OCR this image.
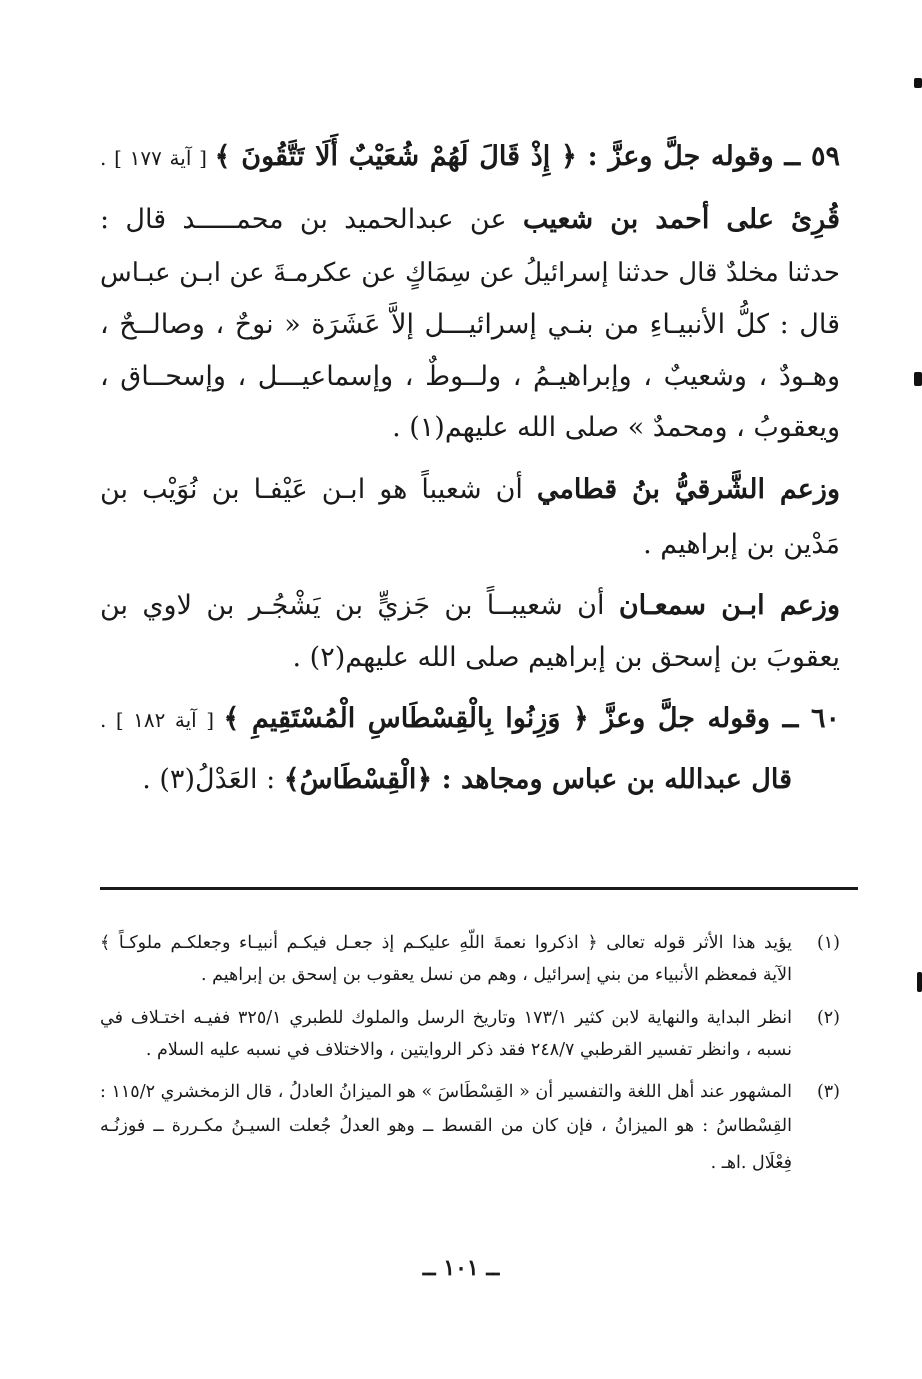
٥٩ ــ وقوله جلَّ وعزَّ : ﴿ إِذْ قَالَ لَهُمْ شُعَيْبٌ أَلَا تَتَّقُونَ ﴾ [ آية ١٧٧ ] .
قُرِئ على أحمد بن شعيب عن عبدالحميد بن محمـــــد قال :
حدثنا مخلدٌ قال حدثنا إسرائيلُ عن سِمَاكٍ عن عكرمـةَ عن ابـن عبـاس
قال : كلُّ الأنبيـاءِ من بنـي إسرائيـــل إلاَّ عَشَرَة « نوحٌ ، وصالــحٌ ،
وهـودٌ ، وشعيبٌ ، وإبراهيـمُ ، ولــوطٌ ، وإسماعيـــل ، وإسحــاق ،
ويعقوبُ ، ومحمدٌ » صلى الله عليهم(١) .
وزعم الشَّرقيُّ بنُ قطامي أن شعيباً هو ابـن عَيْفـا بن نُوَيْب بن
مَدْين بن إبراهيم .
وزعم ابـن سمعـان أن شعيبــاً بن جَزيٍّ بن يَشْجُـر بن لاوي بن
يعقوبَ بن إسحق بن إبراهيم صلى الله عليهم(٢) .
٦٠ ــ وقوله جلَّ وعزَّ ﴿ وَزِنُوا بِالْقِسْطَاسِ الْمُسْتَقِيمِ ﴾ [ آية ١٨٢ ] .
قال عبدالله بن عباس ومجاهد : ﴿الْقِسْطَاسُ﴾ : العَدْلُ(٣) .
(١)
يؤيد هذا الأثر قوله تعالى ﴿ اذكروا نعمةَ اللّهِ عليكـم إذ جعـل فيكـم أنبيـاء وجعلكـم ملوكـاً ﴾
الآية فمعظم الأنبياء من بني إسرائيل ، وهم من نسل يعقوب بن إسحق بن إبراهيم .
(٢)
انظر البداية والنهاية لابن كثير ١٧٣/١ وتاريخ الرسل والملوك للطبري ٣٢٥/١ ففيـه اختـلاف في
نسبه ، وانظر تفسير القرطبي ٢٤٨/٧ فقد ذكر الروايتين ، والاختلاف في نسبه عليه السلام .
(٣)
المشهور عند أهل اللغة والتفسير أن « القِسْطَاسَ » هو الميزانُ العادلُ ، قال الزمخشري ١١٥/٢ :
القِسْطاسُ : هو الميزانُ ، فإن كان من القسط ــ وهو العدلُ جُعلت السيـنُ مكـررة ــ فوزنُـه
فِعْلَال .اهـ .
ــ ١٠١ ــ
